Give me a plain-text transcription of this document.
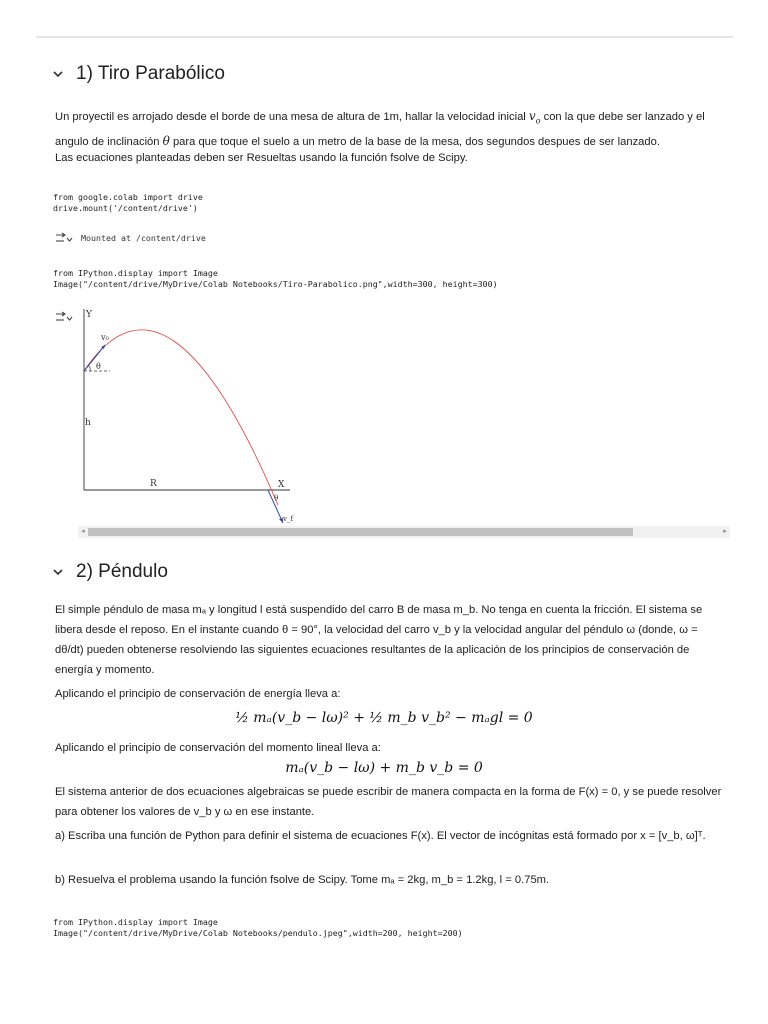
1) Tiro Parabólico
Un proyectil es arrojado desde el borde de una mesa de altura de 1m, hallar la velocidad inicial $v_o$ con la que debe ser lanzado y el angulo de inclinación θ para que toque el suelo a un metro de la base de la mesa, dos segundos despues de ser lanzado.
Las ecuaciones planteadas deben ser Resueltas usando la función fsolve de Scipy.
from google.colab import drive
drive.mount('/content/drive')
Mounted at /content/drive
from IPython.display import Image
Image("/content/drive/MyDrive/Colab Notebooks/Tiro-Parabolico.png",width=300, height=300)
Y
X
h
R
v₀
θ
θ
v_f
◂	▸
2) Péndulo
El simple péndulo de masa mₐ y longitud l está suspendido del carro B de masa m_b. No tenga en cuenta la fricción. El sistema se libera desde el reposo. En el instante cuando θ = 90°, la velocidad del carro v_b y la velocidad angular del péndulo ω (donde, ω = dθ/dt) pueden obtenerse resolviendo las siguientes ecuaciones resultantes de la aplicación de los principios de conservación de energía y momento.
Aplicando el principio de conservación de energía lleva a:
½ mₐ(v_b − lω)² + ½ m_b v_b² − mₐgl = 0
Aplicando el principio de conservación del momento lineal lleva a:
mₐ(v_b − lω) + m_b v_b = 0
El sistema anterior de dos ecuaciones algebraicas se puede escribir de manera compacta en la forma de F(x) = 0, y se puede resolver para obtener los valores de v_b y ω en ese instante.
a) Escriba una función de Python para definir el sistema de ecuaciones F(x). El vector de incógnitas está formado por x = [v_b, ω]ᵀ.
b) Resuelva el problema usando la función fsolve de Scipy. Tome mₐ = 2kg, m_b = 1.2kg, l = 0.75m.
from IPython.display import Image
Image("/content/drive/MyDrive/Colab Notebooks/pendulo.jpeg",width=200, height=200)
